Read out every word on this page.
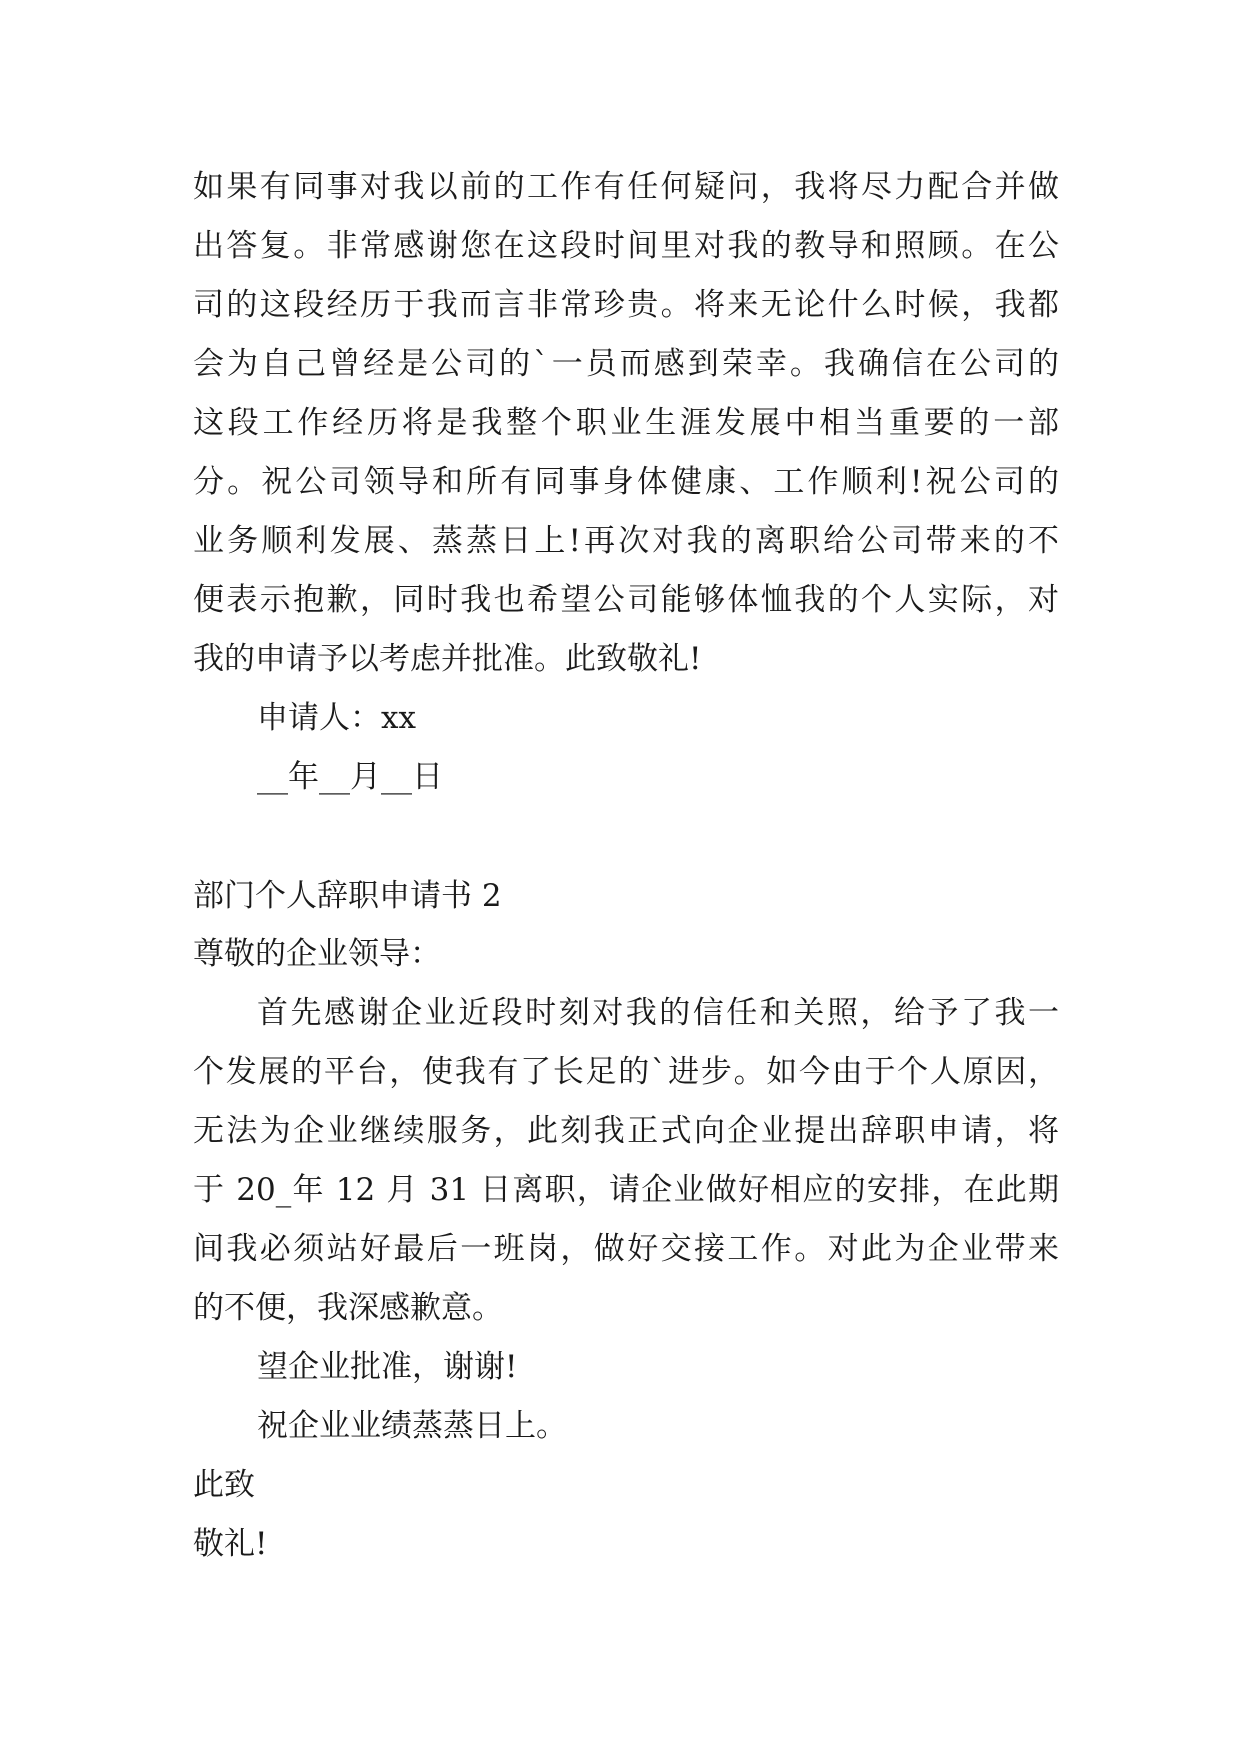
如果有同事对我以前的工作有任何疑问，我将尽力配合并做
出答复。非常感谢您在这段时间里对我的教导和照顾。在公
司的这段经历于我而言非常珍贵。将来无论什么时候，我都
会为自己曾经是公司的`一员而感到荣幸。我确信在公司的
这段工作经历将是我整个职业生涯发展中相当重要的一部
分。祝公司领导和所有同事身体健康、工作顺利!祝公司的
业务顺利发展、蒸蒸日上!再次对我的离职给公司带来的不
便表示抱歉，同时我也希望公司能够体恤我的个人实际，对
我的申请予以考虑并批准。此致敬礼!
申请人：xx
__年__月__日
部门个人辞职申请书 2
尊敬的企业领导：
首先感谢企业近段时刻对我的信任和关照，给予了我一
个发展的平台，使我有了长足的`进步。如今由于个人原因，
无法为企业继续服务，此刻我正式向企业提出辞职申请，将
于 20_年 12 月 31 日离职，请企业做好相应的安排，在此期
间我必须站好最后一班岗，做好交接工作。对此为企业带来
的不便，我深感歉意。
望企业批准，谢谢!
祝企业业绩蒸蒸日上。
此致
敬礼!
